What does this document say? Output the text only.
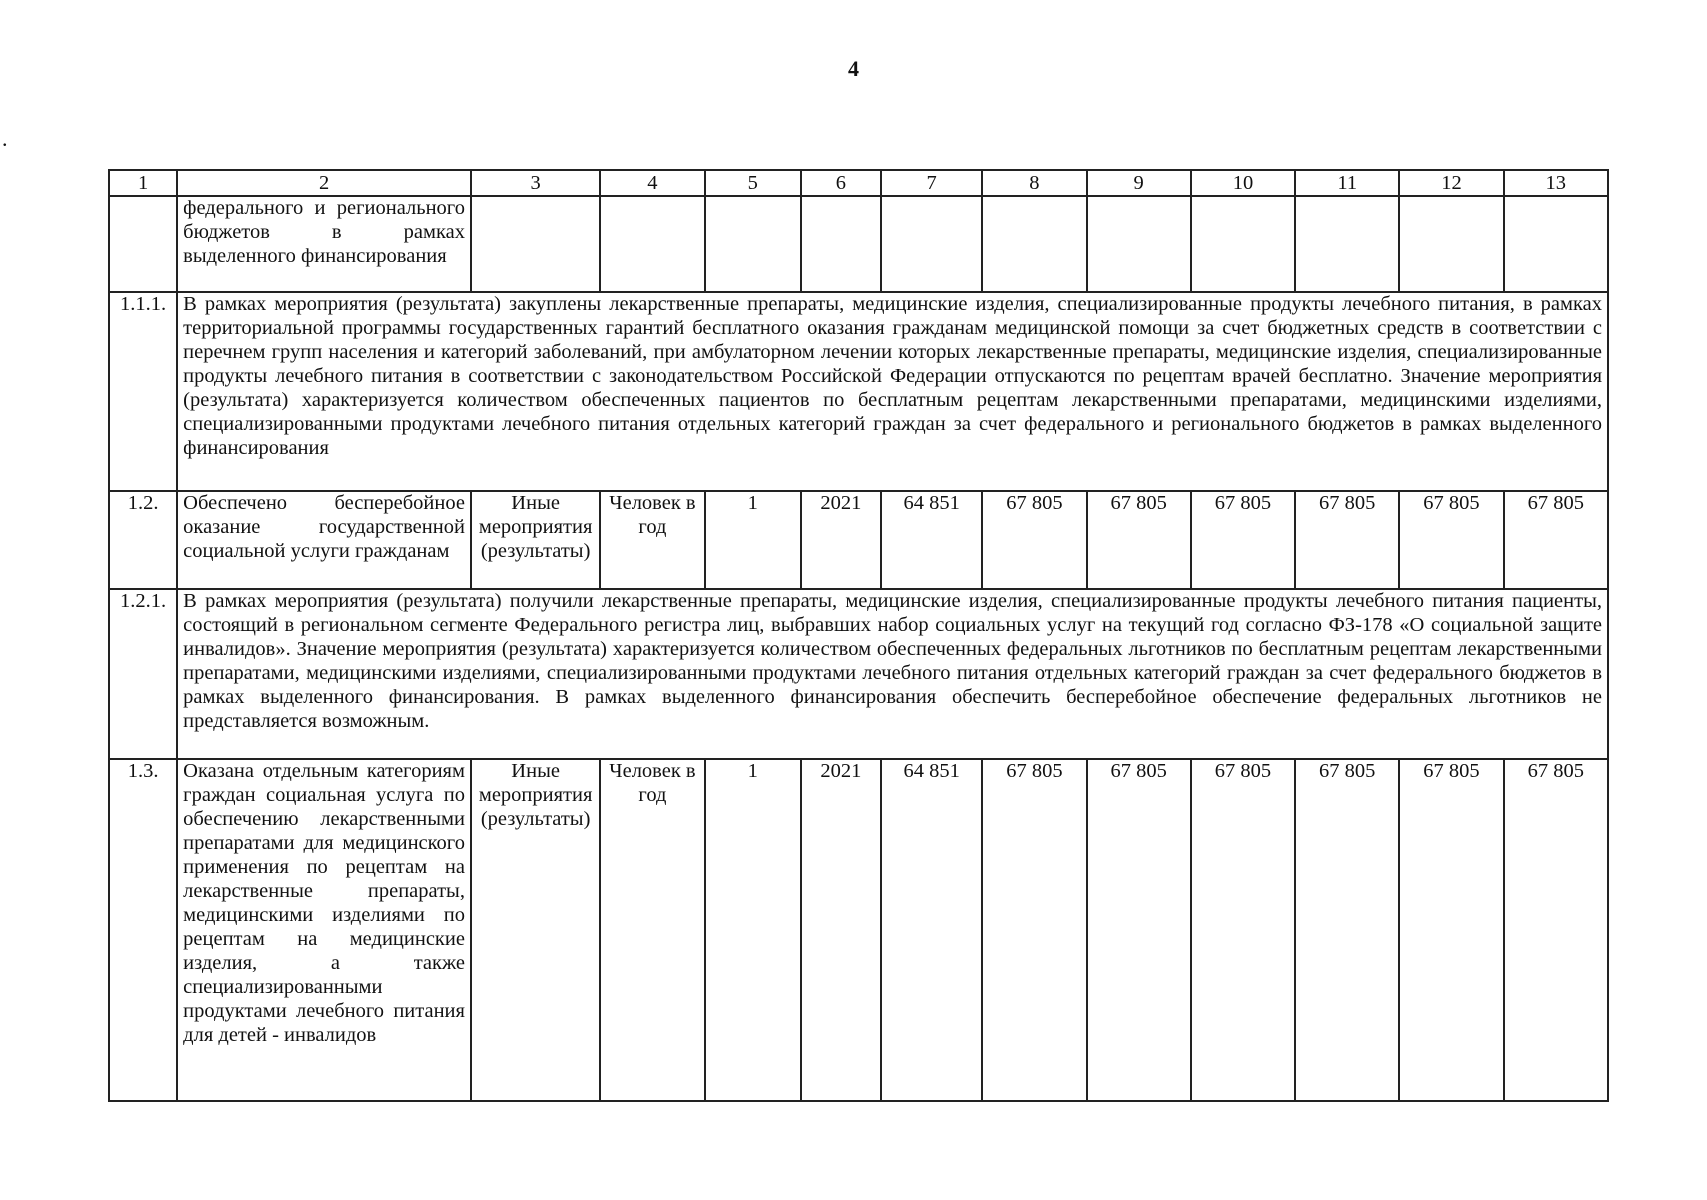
4
.
1	2	3	4	5	6	7	8	9	10	11	12	13
	федерального и регионального бюджетов в рамках выделенного финансирования											
1.1.1.	В рамках мероприятия (результата) закуплены лекарственные препараты, медицинские изделия, специализированные продукты лечебного питания, в рамках территориальной программы государственных гарантий бесплатного оказания гражданам медицинской помощи за счет бюджетных средств в соответствии с перечнем групп населения и категорий заболеваний, при амбулаторном лечении которых лекарственные препараты, медицинские изделия, специализированные продукты лечебного питания в соответствии с законодательством Российской Федерации отпускаются по рецептам врачей бесплатно. Значение мероприятия (результата) характеризуется количеством обеспеченных пациентов по бесплатным рецептам лекарственными препаратами, медицинскими изделиями, специализированными продуктами лечебного питания отдельных категорий граждан за счет федерального и регионального бюджетов в рамках выделенного финансирования											
1.2.	Обеспечено бесперебойное оказание государственной социальной услуги гражданам	Иные мероприятия (результаты)	Человек в год	1	2021	64 851	67 805	67 805	67 805	67 805	67 805	67 805
1.2.1.	В рамках мероприятия (результата) получили лекарственные препараты, медицинские изделия, специализированные продукты лечебного питания пациенты, состоящий в региональном сегменте Федерального регистра лиц, выбравших набор социальных услуг на текущий год согласно ФЗ-178 «О социальной защите инвалидов». Значение мероприятия (результата) характеризуется количеством обеспеченных федеральных льготников по бесплатным рецептам лекарственными препаратами, медицинскими изделиями, специализированными продуктами лечебного питания отдельных категорий граждан за счет федерального бюджетов в рамках выделенного финансирования. В рамках выделенного финансирования обеспечить бесперебойное обеспечение федеральных льготников не представляется возможным.											
1.3.	Оказана отдельным категориям граждан социальная услуга по обеспечению лекарственными препаратами для медицинского применения по рецептам на лекарственные препараты, медицинскими изделиями по рецептам на медицинские изделия, а также специализированными продуктами лечебного питания для детей - инвалидов	Иные мероприятия (результаты)	Человек в год	1	2021	64 851	67 805	67 805	67 805	67 805	67 805	67 805
